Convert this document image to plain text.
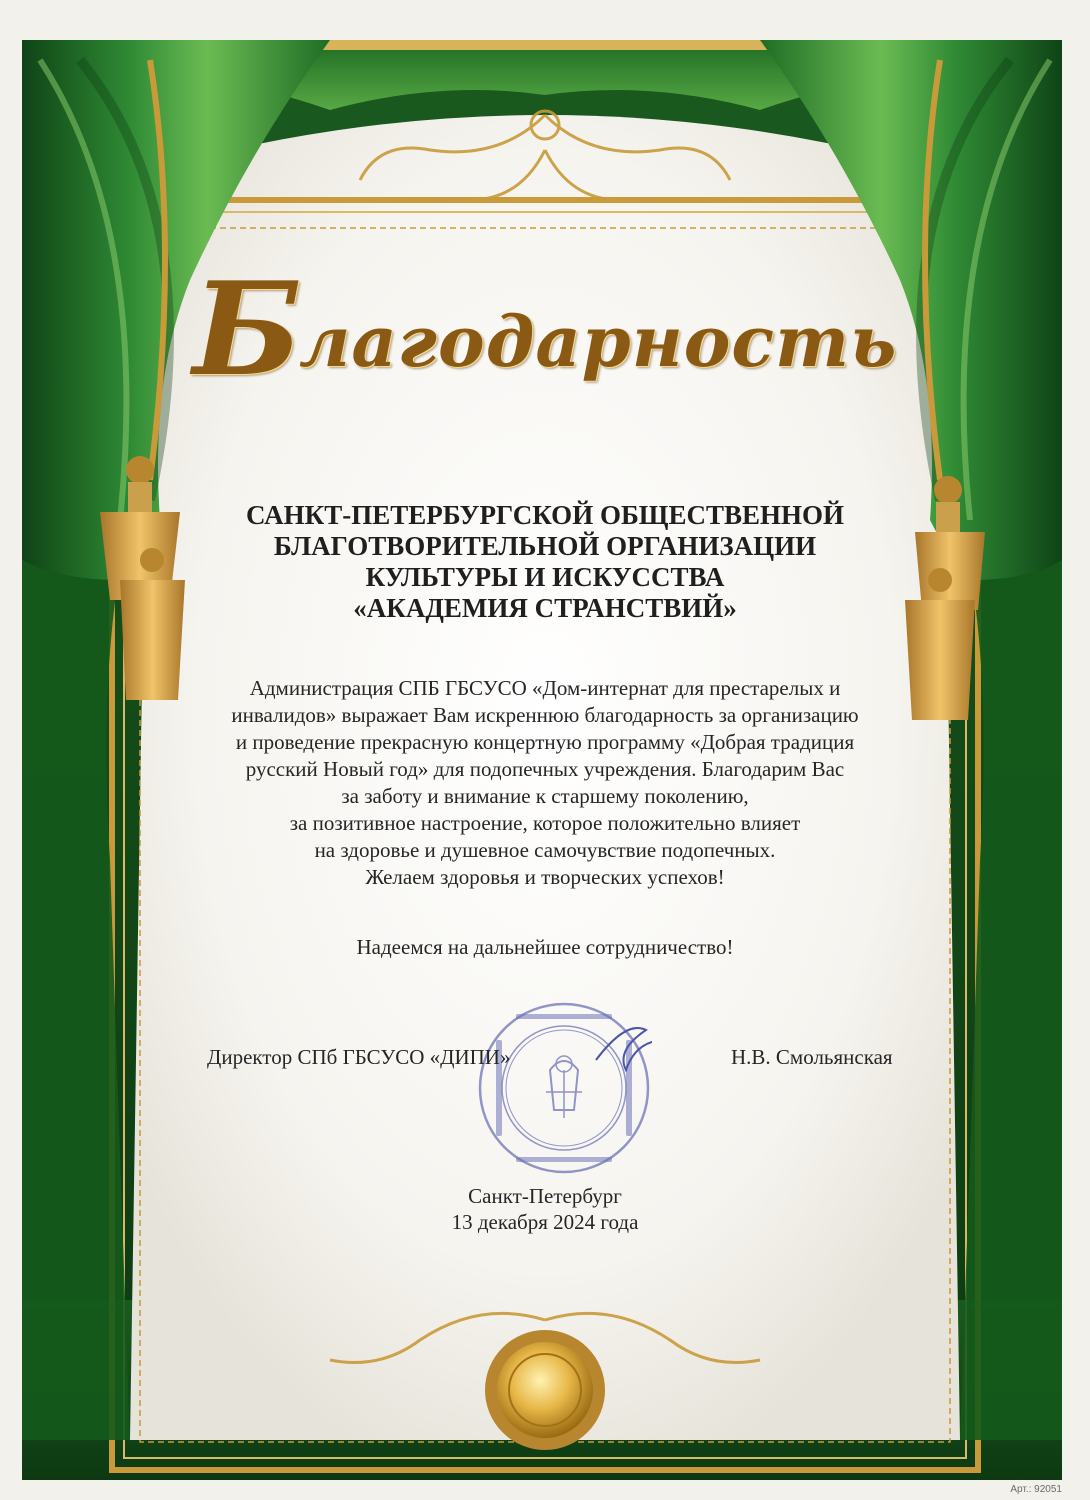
Благодарность
САНКТ-ПЕТЕРБУРГСКОЙ ОБЩЕСТВЕННОЙ
БЛАГОТВОРИТЕЛЬНОЙ ОРГАНИЗАЦИИ
КУЛЬТУРЫ И ИСКУССТВА
«АКАДЕМИЯ СТРАНСТВИЙ»
Администрация СПБ ГБСУСО «Дом-интернат для престарелых и
инвалидов» выражает Вам искреннюю благодарность за организацию
и проведение прекрасную концертную программу «Добрая традиция
русский Новый год» для подопечных учреждения. Благодарим Вас
за заботу и внимание к старшему поколению,
за позитивное настроение, которое положительно влияет
на здоровье и душевное самочувствие подопечных.
Желаем здоровья и творческих успехов!
Надеемся на дальнейшее сотрудничество!
Директор СПб ГБСУСО «ДИПИ»	Н.В. Смольянская
Санкт-Петербург
13 декабря 2024 года
Арт.: 92051
